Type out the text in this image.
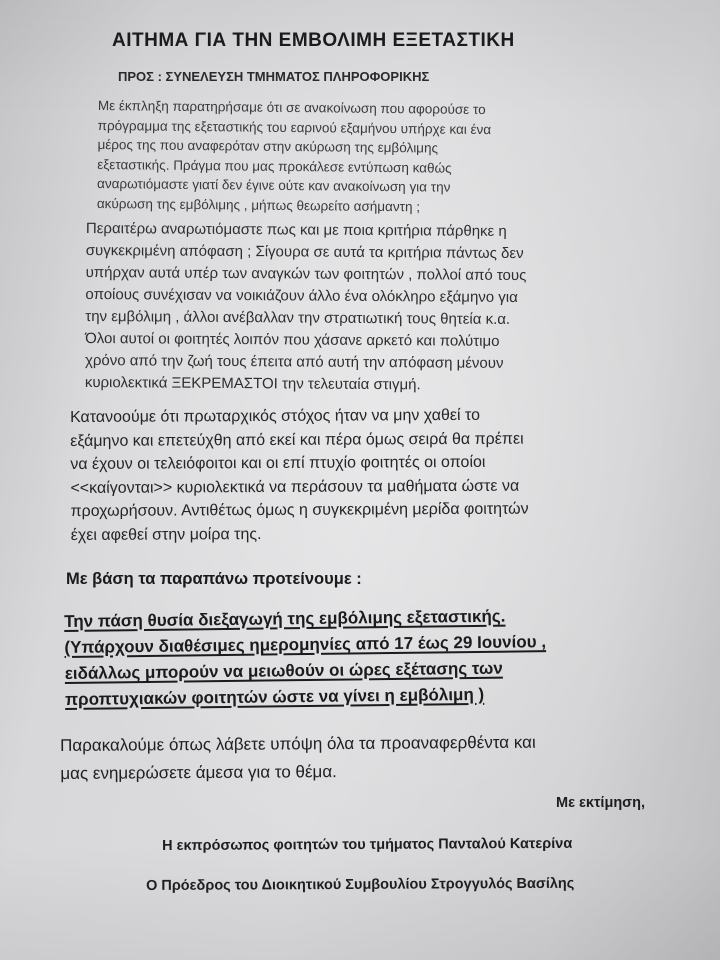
ΑΙΤΗΜΑ ΓΙΑ ΤΗΝ ΕΜΒΟΛΙΜΗ ΕΞΕΤΑΣΤΙΚΗ
ΠΡΟΣ : ΣΥΝΕΛΕΥΣΗ ΤΜΗΜΑΤΟΣ ΠΛΗΡΟΦΟΡΙΚΗΣ
Με έκπληξη παρατηρήσαμε ότι σε ανακοίνωση που αφορούσε το
πρόγραμμα της εξεταστικής του εαρινού εξαμήνου υπήρχε και ένα
μέρος της που αναφερόταν στην ακύρωση της εμβόλιμης
εξεταστικής. Πράγμα που μας προκάλεσε εντύπωση καθώς
αναρωτιόμαστε γιατί δεν έγινε ούτε καν ανακοίνωση για την
ακύρωση της εμβόλιμης , μήπως θεωρείτο ασήμαντη ;
Περαιτέρω αναρωτιόμαστε πως και με ποια κριτήρια πάρθηκε η
συγκεκριμένη απόφαση ; Σίγουρα σε αυτά τα κριτήρια πάντως δεν
υπήρχαν αυτά υπέρ των αναγκών των φοιτητών , πολλοί από τους
οποίους συνέχισαν να νοικιάζουν άλλο ένα ολόκληρο εξάμηνο για
την εμβόλιμη , άλλοι ανέβαλλαν την στρατιωτική τους θητεία κ.α.
Όλοι αυτοί οι φοιτητές λοιπόν που χάσανε αρκετό και πολύτιμο
χρόνο από την ζωή τους έπειτα από αυτή την απόφαση μένουν
κυριολεκτικά ΞΕΚΡΕΜΑΣΤΟΙ την τελευταία στιγμή.
Κατανοούμε ότι πρωταρχικός στόχος ήταν να μην χαθεί το
εξάμηνο και επετεύχθη από εκεί και πέρα όμως σειρά θα πρέπει
να έχουν οι τελειόφοιτοι και οι επί πτυχίο φοιτητές οι οποίοι
<<καίγονται>> κυριολεκτικά να περάσουν τα μαθήματα ώστε να
προχωρήσουν. Αντιθέτως όμως η συγκεκριμένη μερίδα φοιτητών
έχει αφεθεί στην μοίρα της.
Με βάση τα παραπάνω προτείνουμε :
Την πάση θυσία διεξαγωγή της εμβόλιμης εξεταστικής.
(Υπάρχουν διαθέσιμες ημερομηνίες από 17 έως 29 Ιουνίου ,
ειδάλλως μπορούν να μειωθούν οι ώρες εξέτασης των
προπτυχιακών φοιτητών ώστε να γίνει η εμβόλιμη )
Παρακαλούμε όπως λάβετε υπόψη όλα τα προαναφερθέντα και
μας ενημερώσετε άμεσα για το θέμα.
Με εκτίμηση,
Η εκπρόσωπος φοιτητών του τμήματος Πανταλού Κατερίνα
Ο Πρόεδρος του Διοικητικού Συμβουλίου Στρογγυλός Βασίλης
